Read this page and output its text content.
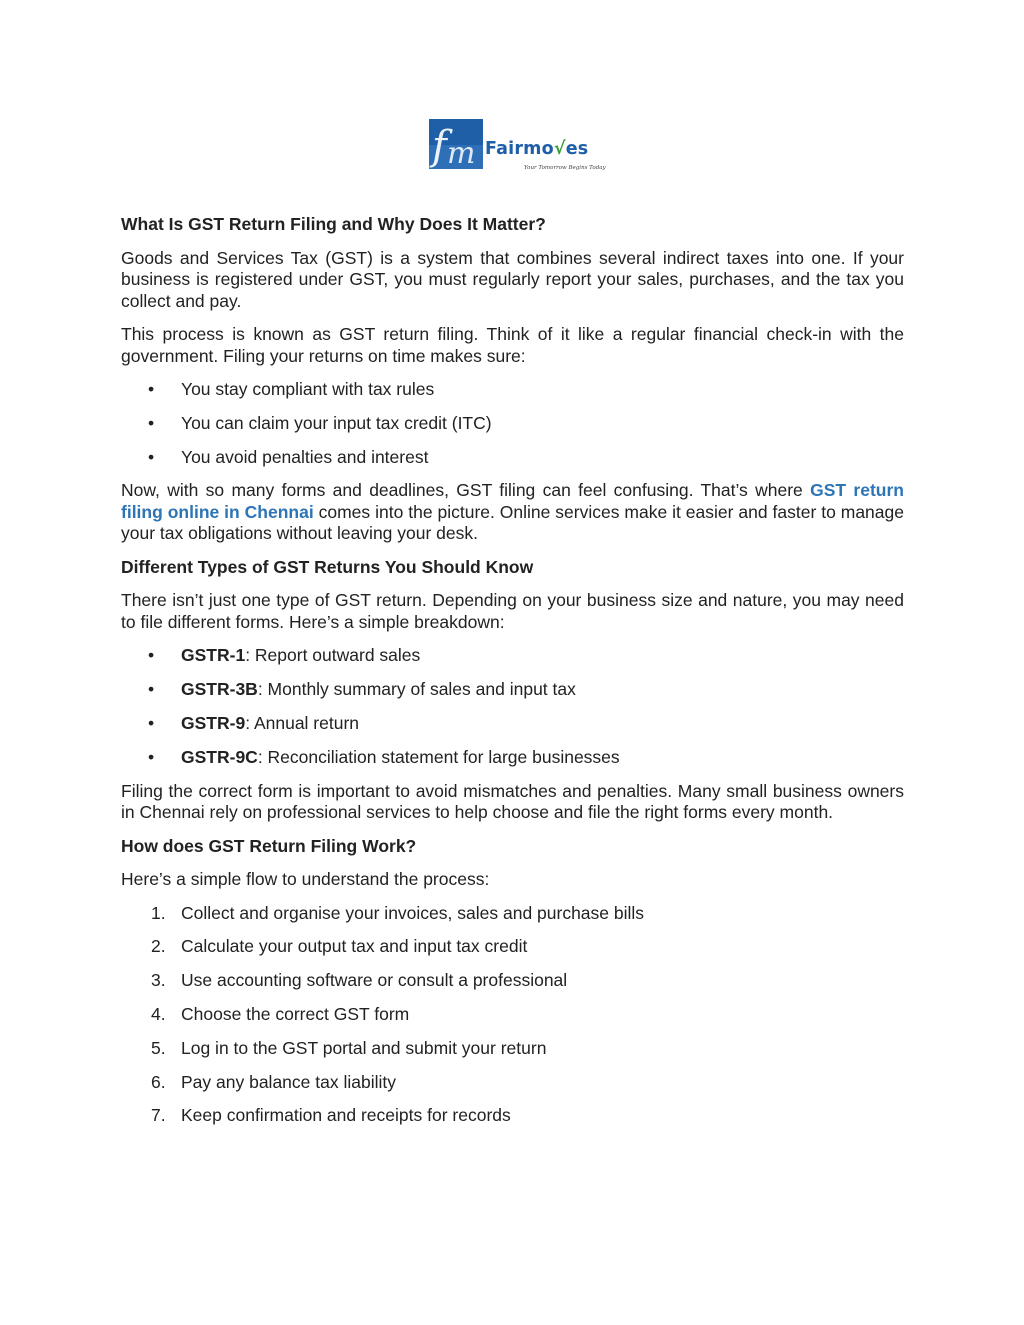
f m Fairmo√es
Your Tomorrow Begins Today
What Is GST Return Filing and Why Does It Matter?

Goods and Services Tax (GST) is a system that combines several indirect taxes into one. If your business is registered under GST, you must regularly report your sales, purchases, and the tax you collect and pay.

This process is known as GST return filing. Think of it like a regular financial check-in with the government. Filing your returns on time makes sure:

• You stay compliant with tax rules
• You can claim your input tax credit (ITC)
• You avoid penalties and interest

Now, with so many forms and deadlines, GST filing can feel confusing. That’s where GST return filing online in Chennai comes into the picture. Online services make it easier and faster to manage your tax obligations without leaving your desk.

Different Types of GST Returns You Should Know

There isn’t just one type of GST return. Depending on your business size and nature, you may need to file different forms. Here’s a simple breakdown:

• GSTR-1: Report outward sales
• GSTR-3B: Monthly summary of sales and input tax
• GSTR-9: Annual return
• GSTR-9C: Reconciliation statement for large businesses

Filing the correct form is important to avoid mismatches and penalties. Many small business owners in Chennai rely on professional services to help choose and file the right forms every month.

How does GST Return Filing Work?

Here’s a simple flow to understand the process:

1. Collect and organise your invoices, sales and purchase bills
2. Calculate your output tax and input tax credit
3. Use accounting software or consult a professional
4. Choose the correct GST form
5. Log in to the GST portal and submit your return
6. Pay any balance tax liability
7. Keep confirmation and receipts for records
